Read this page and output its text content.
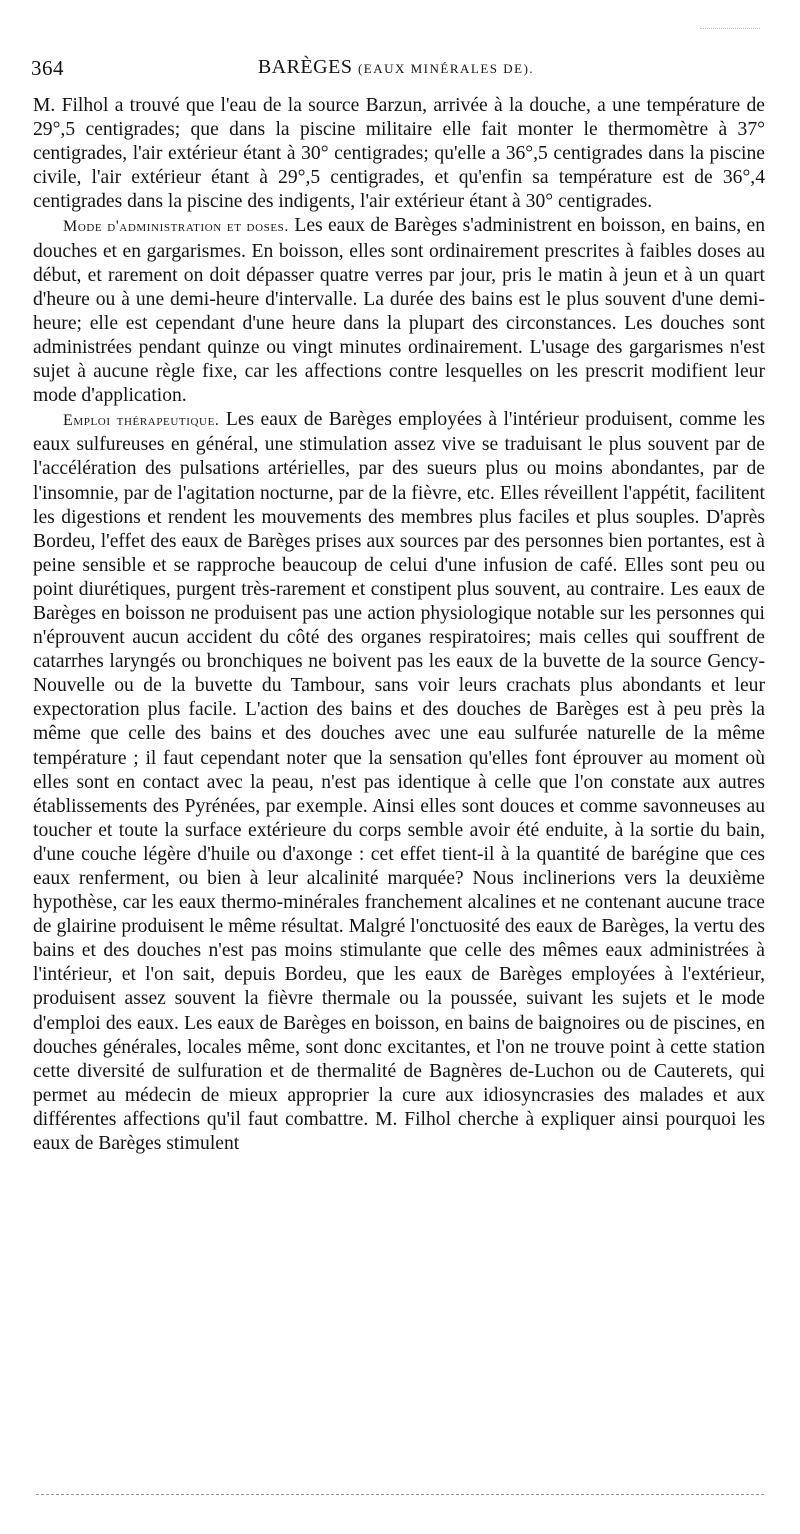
364	BARÈGES (EAUX MINÉRALES DE).

M. Filhol a trouvé que l'eau de la source Barzun, arrivée à la douche, a une température de 29°,5 centigrades; que dans la piscine militaire elle fait monter le thermomètre à 37° centigrades, l'air extérieur étant à 30° centigrades; qu'elle a 36°,5 centigrades dans la piscine civile, l'air extérieur étant à 29°,5 centigrades, et qu'enfin sa température est de 36°,4 centigrades dans la piscine des indigents, l'air extérieur étant à 30° centigrades.

Mode d'administration et doses. Les eaux de Barèges s'administrent en boisson, en bains, en douches et en gargarismes. En boisson, elles sont ordinairement prescrites à faibles doses au début, et rarement on doit dépasser quatre verres par jour, pris le matin à jeun et à un quart d'heure ou à une demi-heure d'intervalle. La durée des bains est le plus souvent d'une demi-heure; elle est cependant d'une heure dans la plupart des circonstances. Les douches sont administrées pendant quinze ou vingt minutes ordinairement. L'usage des gargarismes n'est sujet à aucune règle fixe, car les affections contre lesquelles on les prescrit modifient leur mode d'application.

Emploi thérapeutique. Les eaux de Barèges employées à l'intérieur produisent, comme les eaux sulfureuses en général, une stimulation assez vive se traduisant le plus souvent par de l'accélération des pulsations artérielles, par des sueurs plus ou moins abondantes, par de l'insomnie, par de l'agitation nocturne, par de la fièvre, etc. Elles réveillent l'appétit, facilitent les digestions et rendent les mouvements des membres plus faciles et plus souples. D'après Bordeu, l'effet des eaux de Barèges prises aux sources par des personnes bien portantes, est à peine sensible et se rapproche beaucoup de celui d'une infusion de café. Elles sont peu ou point diurétiques, purgent très-rarement et constipent plus souvent, au contraire. Les eaux de Barèges en boisson ne produisent pas une action physiologique notable sur les personnes qui n'éprouvent aucun accident du côté des organes respiratoires; mais celles qui souffrent de catarrhes laryngés ou bronchiques ne boivent pas les eaux de la buvette de la source Gency-Nouvelle ou de la buvette du Tambour, sans voir leurs crachats plus abondants et leur expectoration plus facile. L'action des bains et des douches de Barèges est à peu près la même que celle des bains et des douches avec une eau sulfurée naturelle de la même température ; il faut cependant noter que la sensation qu'elles font éprouver au moment où elles sont en contact avec la peau, n'est pas identique à celle que l'on constate aux autres établissements des Pyrénées, par exemple. Ainsi elles sont douces et comme savonneuses au toucher et toute la surface extérieure du corps semble avoir été enduite, à la sortie du bain, d'une couche légère d'huile ou d'axonge : cet effet tient-il à la quantité de barégine que ces eaux renferment, ou bien à leur alcalinité marquée? Nous inclinerions vers la deuxième hypothèse, car les eaux thermo-minérales franchement alcalines et ne contenant aucune trace de glairine produisent le même résultat. Malgré l'onctuosité des eaux de Barèges, la vertu des bains et des douches n'est pas moins stimulante que celle des mêmes eaux administrées à l'intérieur, et l'on sait, depuis Bordeu, que les eaux de Barèges employées à l'extérieur, produisent assez souvent la fièvre thermale ou la poussée, suivant les sujets et le mode d'emploi des eaux. Les eaux de Barèges en boisson, en bains de baignoires ou de piscines, en douches générales, locales même, sont donc excitantes, et l'on ne trouve point à cette station cette diversité de sulfuration et de thermalité de Bagnères de-Luchon ou de Cauterets, qui permet au médecin de mieux approprier la cure aux idiosyncrasies des malades et aux différentes affections qu'il faut combattre. M. Filhol cherche à expliquer ainsi pourquoi les eaux de Barèges stimulent
